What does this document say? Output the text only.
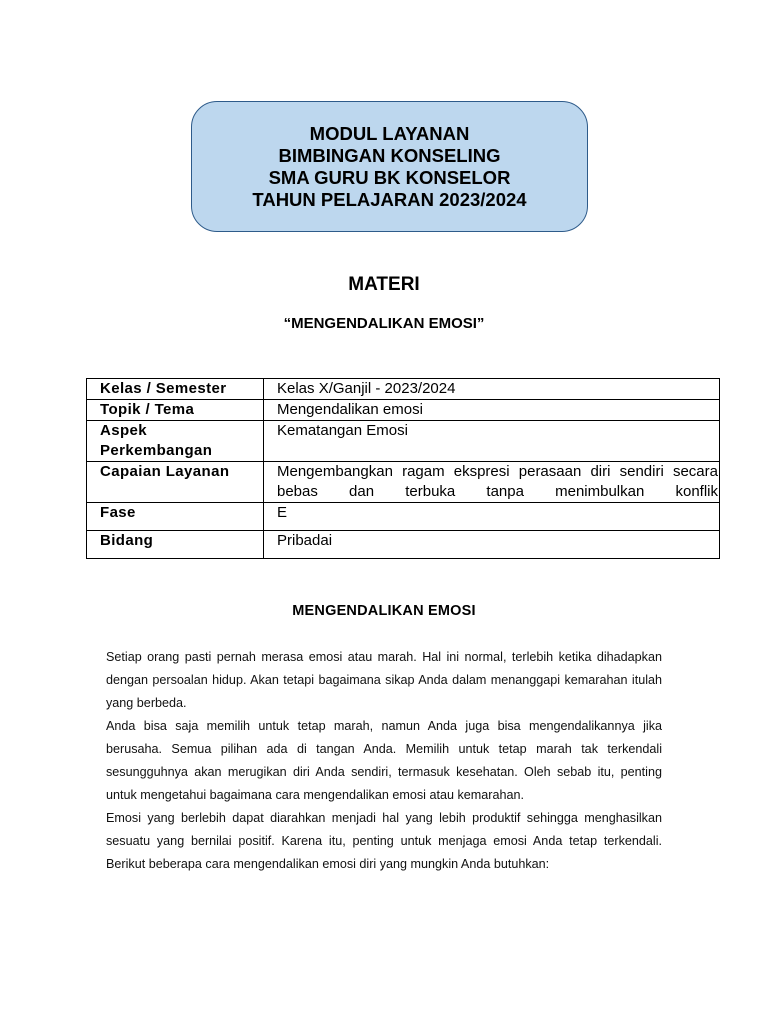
MODUL LAYANAN
BIMBINGAN KONSELING
SMA GURU BK KONSELOR
TAHUN PELAJARAN 2023/2024
MATERI
“MENGENDALIKAN EMOSI”
Kelas / Semester	Kelas X/Ganjil - 2023/2024
Topik / Tema	Mengendalikan emosi
Aspek Perkembangan	Kematangan Emosi
Capaian Layanan	Mengembangkan ragam ekspresi perasaan diri sendiri secara bebas dan terbuka tanpa menimbulkan konflik
Fase	E
Bidang	Pribadai
MENGENDALIKAN EMOSI

Setiap orang pasti pernah merasa emosi atau marah. Hal ini normal, terlebih ketika dihadapkan dengan persoalan hidup. Akan tetapi bagaimana sikap Anda dalam menanggapi kemarahan itulah yang berbeda.

Anda bisa saja memilih untuk tetap marah, namun Anda juga bisa mengendalikannya jika berusaha. Semua pilihan ada di tangan Anda. Memilih untuk tetap marah tak terkendali sesungguhnya akan merugikan diri Anda sendiri, termasuk kesehatan. Oleh sebab itu, penting untuk mengetahui bagaimana cara mengendalikan emosi atau kemarahan.

Emosi yang berlebih dapat diarahkan menjadi hal yang lebih produktif sehingga menghasilkan sesuatu yang bernilai positif. Karena itu, penting untuk menjaga emosi Anda tetap terkendali. Berikut beberapa cara mengendalikan emosi diri yang mungkin Anda butuhkan:
